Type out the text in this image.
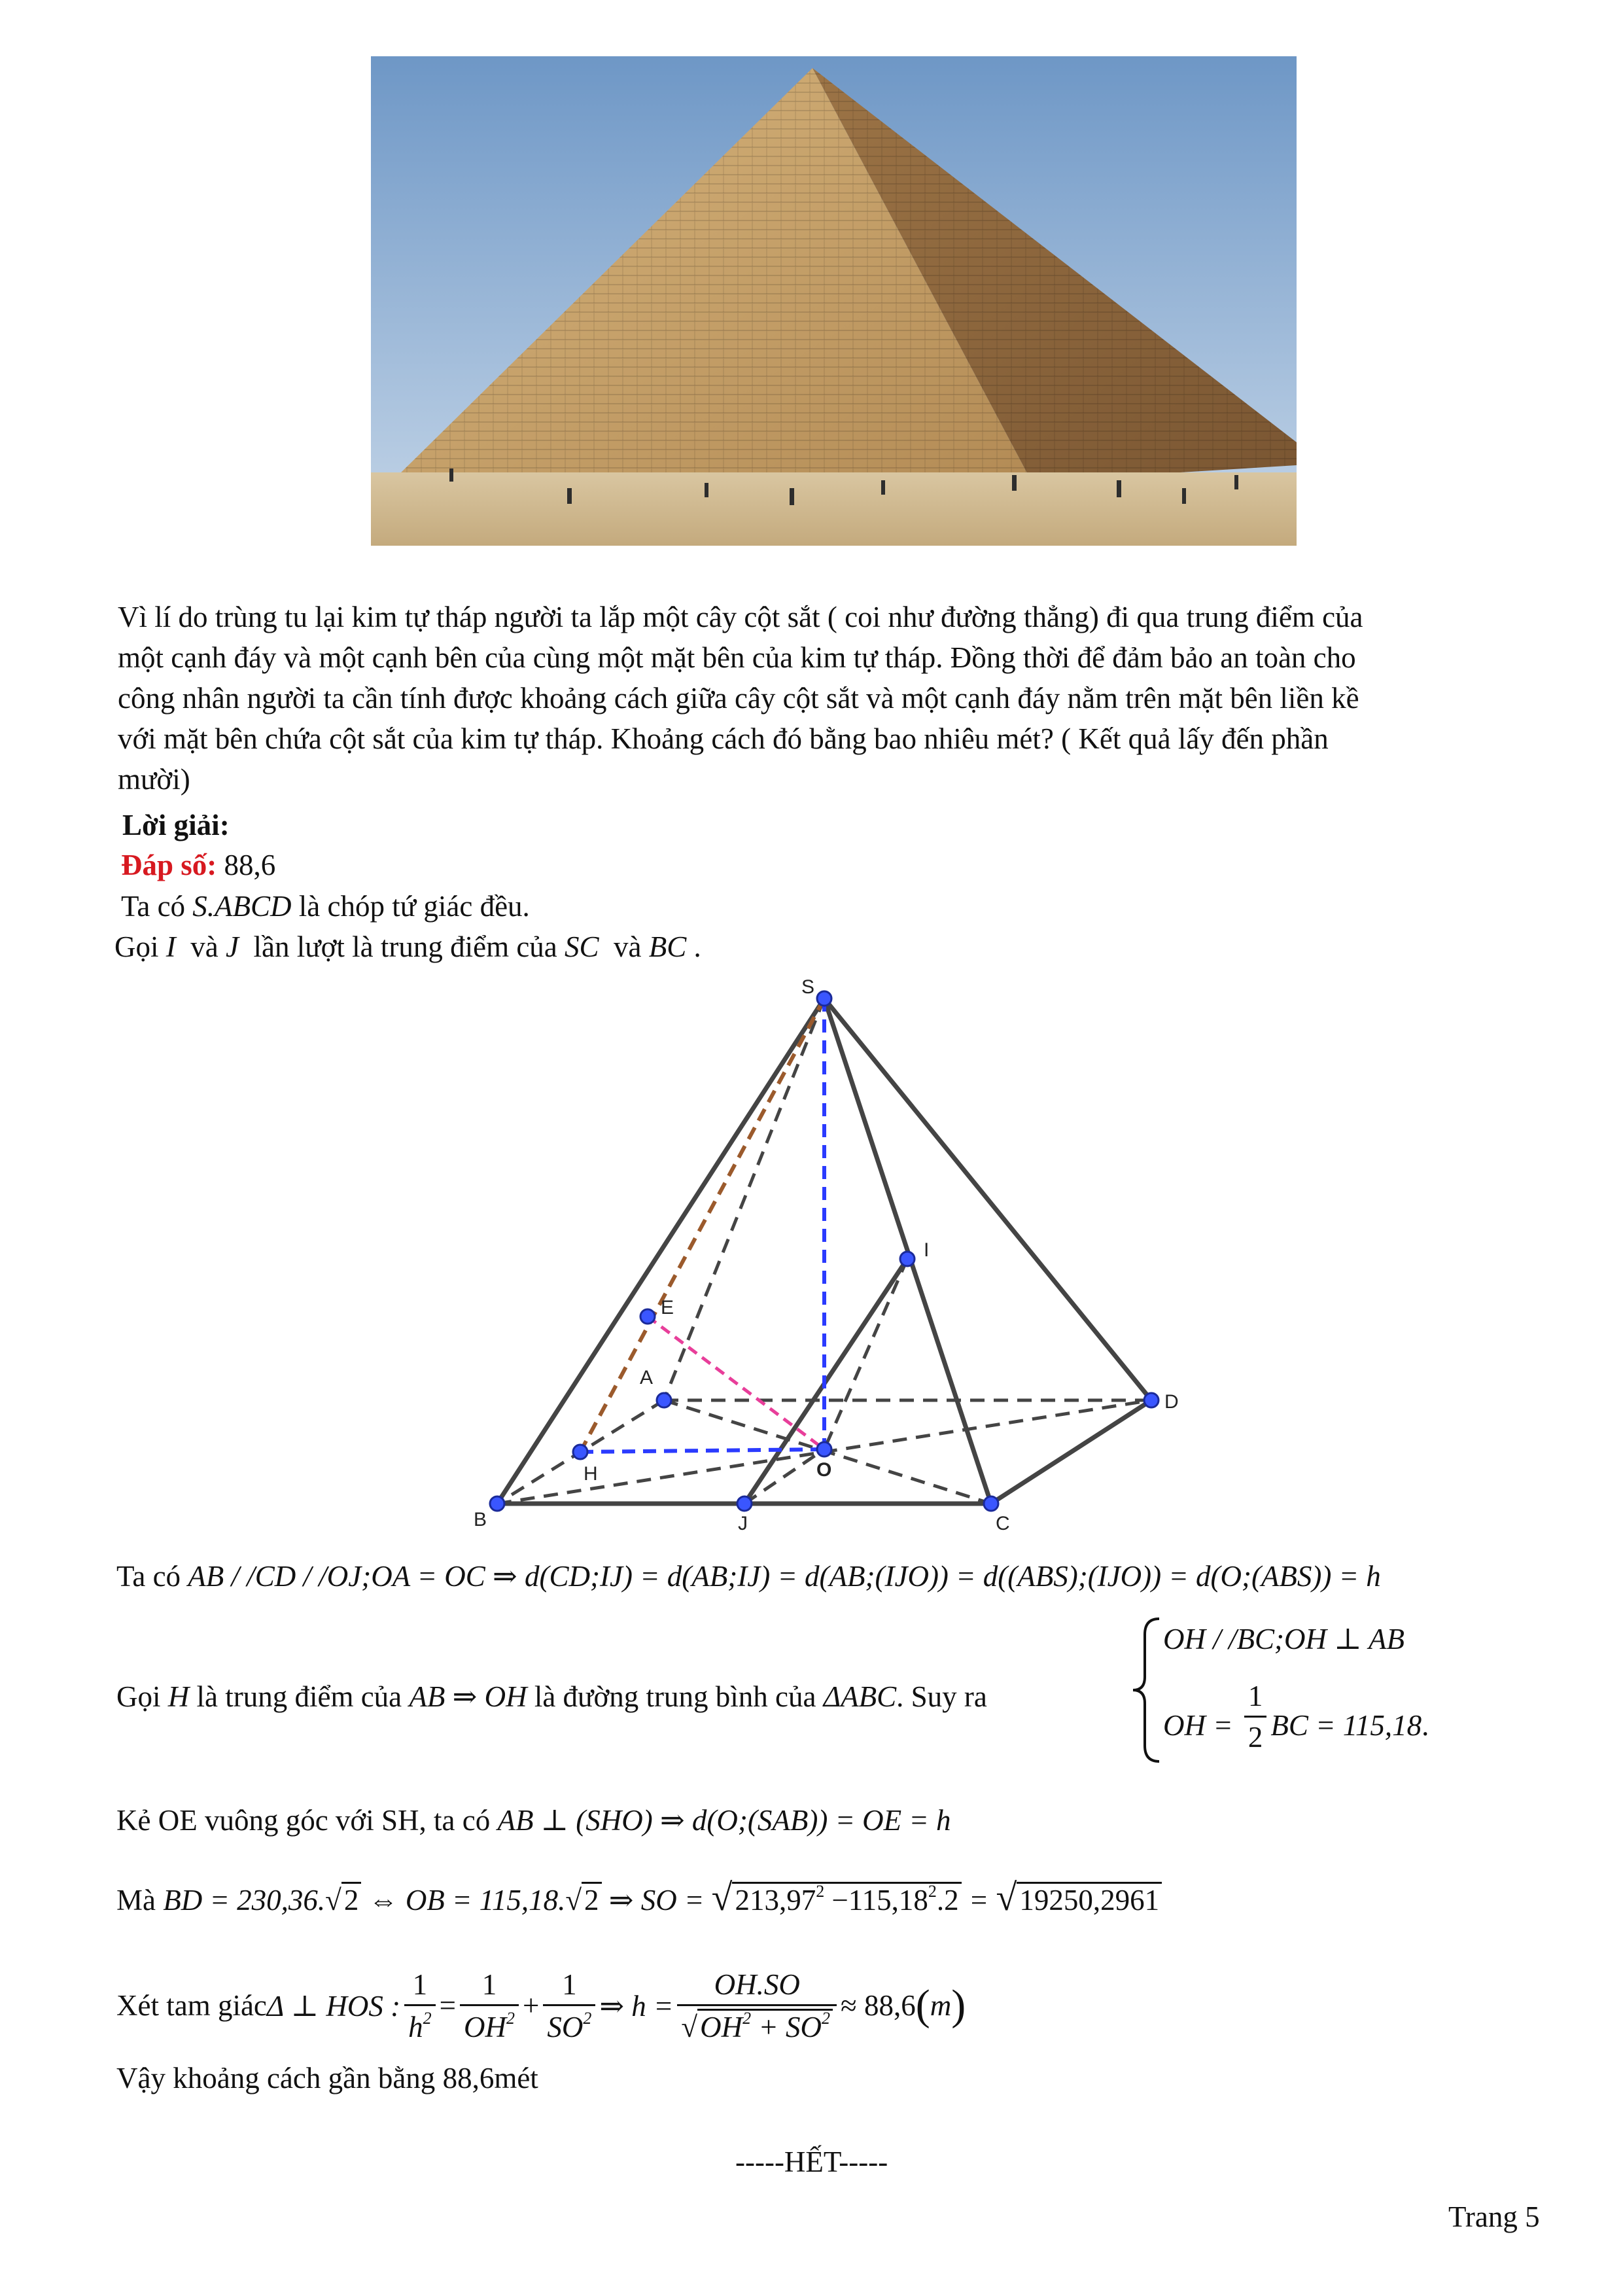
Vì lí do trùng tu lại kim tự tháp người ta lắp một cây cột sắt ( coi như đường thẳng) đi qua trung điểm của
một cạnh đáy và một cạnh bên của cùng một mặt bên của kim tự tháp. Đồng thời để đảm bảo an toàn cho
công nhân người ta cần tính được khoảng cách giữa cây cột sắt và một cạnh đáy nằm trên mặt bên liền kề
với mặt bên chứa cột sắt của kim tự tháp. Khoảng cách đó bằng bao nhiêu mét? ( Kết quả lấy đến phần
mười)
Lời giải:
Đáp số: 88,6
Ta có S.ABCD là chóp tứ giác đều.
Gọi I  và J  lần lượt là trung điểm của SC  và BC .
S
I
E
A
D
H	O
B	J	C
Ta có AB / /CD / /OJ;OA = OC ⇒ d(CD;IJ) = d(AB;IJ) = d(AB;(IJO)) = d((ABS);(IJO)) = d(O;(ABS)) = h
Gọi H là trung điểm của AB ⇒ OH là đường trung bình của ΔABC. Suy ra
OH / /BC;OH ⊥ AB
OH = $\frac{1}{2}$ BC = 115,18.
Kẻ OE vuông góc với SH, ta có AB ⊥ (SHO) ⇒ d(O;(SAB)) = OE = h
Mà BD = 230,36.√2 ⇔ OB = 115,18.√2 ⇒ SO = $√213,97^2 -115,18^2.2 = √19250,2961$
Xét tam giác Δ ⊥ HOS : $\frac{1}{h^2} = \frac{1}{OH^2} + \frac{1}{SO^2}$ ⇒ $h = \frac{OH.SO}{√OH^2 + SO^2} \approx 88,6$ ( m )
Vậy khoảng cách gần bằng 88,6mét
-----HẾT-----
Trang 5
